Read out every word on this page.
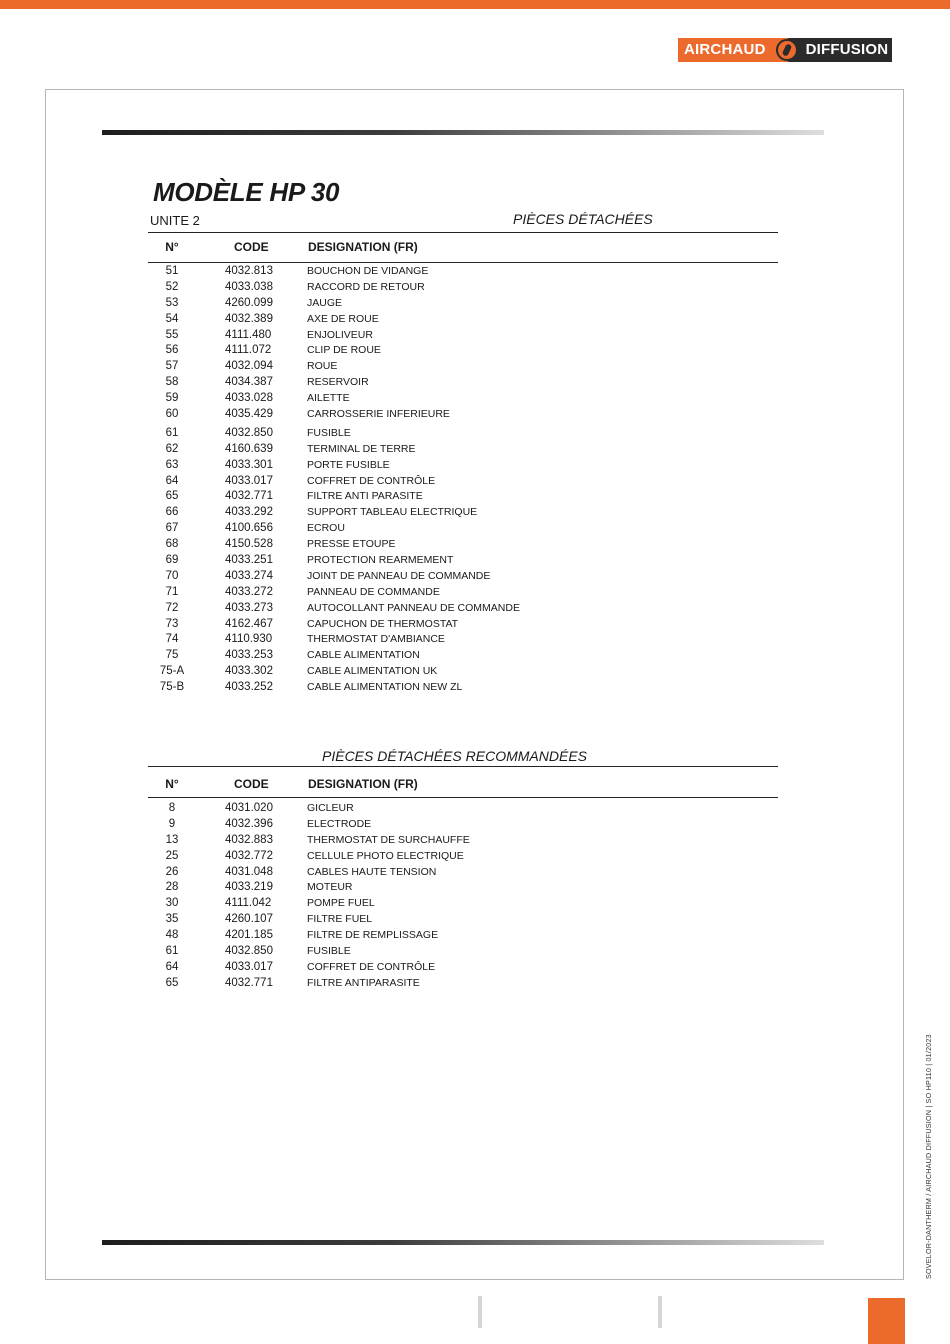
AIRCHAUD	DIFFUSION
MODÈLE HP 30
UNITE 2	PIÈCES DÉTACHÉES
N°	CODE	DESIGNATION (FR)
51	4032.813	BOUCHON DE VIDANGE
52	4033.038	RACCORD DE RETOUR
53	4260.099	JAUGE
54	4032.389	AXE DE ROUE
55	4111.480	ENJOLIVEUR
56	4111.072	CLIP DE ROUE
57	4032.094	ROUE
58	4034.387	RESERVOIR
59	4033.028	AILETTE
60	4035.429	CARROSSERIE INFERIEURE
61	4032.850	FUSIBLE
62	4160.639	TERMINAL DE TERRE
63	4033.301	PORTE FUSIBLE
64	4033.017	COFFRET DE CONTRÔLE
65	4032.771	FILTRE ANTI PARASITE
66	4033.292	SUPPORT TABLEAU ELECTRIQUE
67	4100.656	ECROU
68	4150.528	PRESSE ETOUPE
69	4033.251	PROTECTION REARMEMENT
70	4033.274	JOINT DE PANNEAU DE COMMANDE
71	4033.272	PANNEAU DE COMMANDE
72	4033.273	AUTOCOLLANT PANNEAU DE COMMANDE
73	4162.467	CAPUCHON DE THERMOSTAT
74	4110.930	THERMOSTAT D'AMBIANCE
75	4033.253	CABLE ALIMENTATION
75-A	4033.302	CABLE ALIMENTATION UK
75-B	4033.252	CABLE ALIMENTATION NEW ZL
PIÈCES DÉTACHÉES RECOMMANDÉES
N°	CODE	DESIGNATION (FR)
8	4031.020	GICLEUR
9	4032.396	ELECTRODE
13	4032.883	THERMOSTAT DE SURCHAUFFE
25	4032.772	CELLULE PHOTO ELECTRIQUE
26	4031.048	CABLES HAUTE TENSION
28	4033.219	MOTEUR
30	4111.042	POMPE FUEL
35	4260.107	FILTRE FUEL
48	4201.185	FILTRE DE REMPLISSAGE
61	4032.850	FUSIBLE
64	4033.017	COFFRET DE CONTRÔLE
65	4032.771	FILTRE ANTIPARASITE
SOVELOR-DANTHERM / AIRCHAUD DIFFUSION | SO HP110 | 01/2023
